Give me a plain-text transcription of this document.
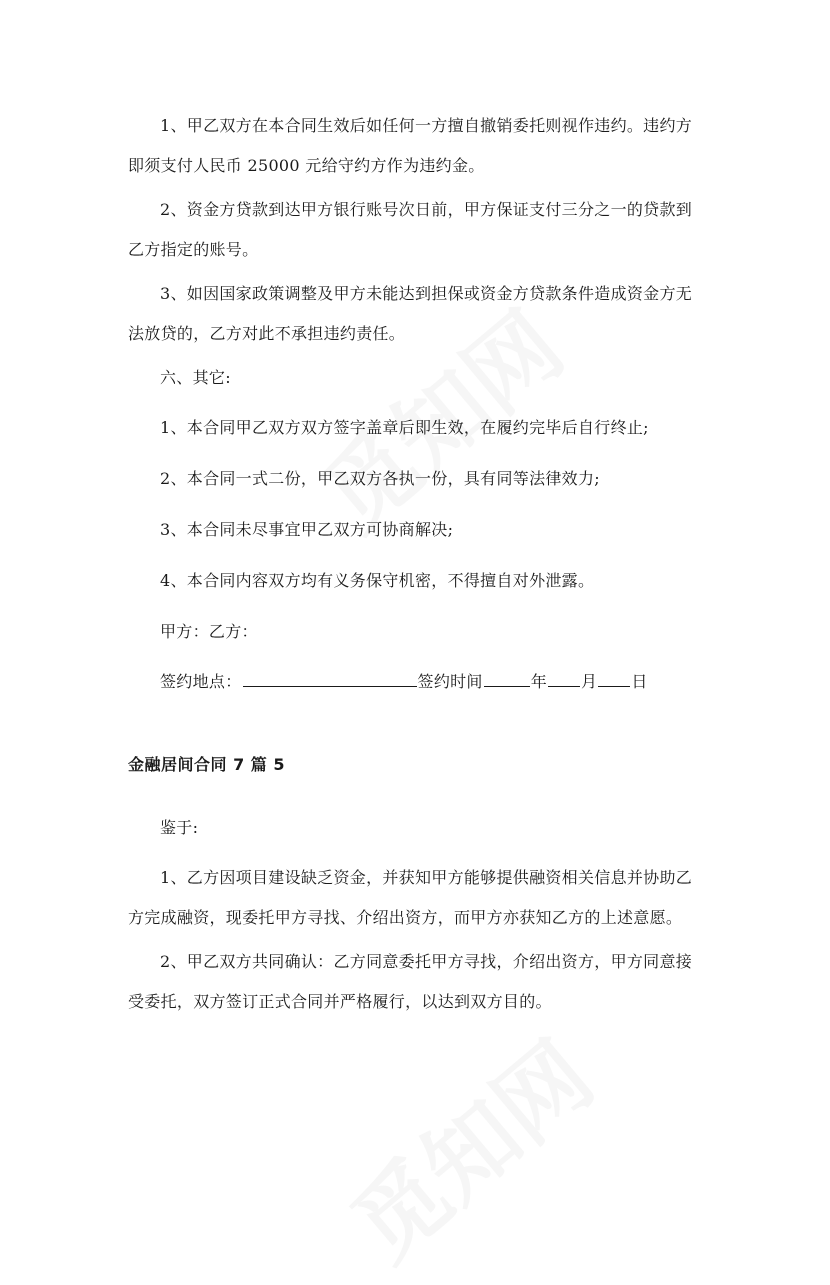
1、甲乙双方在本合同生效后如任何一方擅自撤销委托则视作违约。违约方
即须支付人民币 25000 元给守约方作为违约金。
2、资金方贷款到达甲方银行账号次日前，甲方保证支付三分之一的贷款到
乙方指定的账号。
3、如因国家政策调整及甲方未能达到担保或资金方贷款条件造成资金方无
法放贷的，乙方对此不承担违约责任。
六、其它:
1、本合同甲乙双方双方签字盖章后即生效，在履约完毕后自行终止;
2、本合同一式二份，甲乙双方各执一份，具有同等法律效力;
3、本合同未尽事宜甲乙双方可协商解决;
4、本合同内容双方均有义务保守机密，不得擅自对外泄露。
甲方：乙方：
签约地点：	签约时间	年 月 日
金融居间合同 7 篇 5
鉴于:
1、乙方因项目建设缺乏资金，并获知甲方能够提供融资相关信息并协助乙
方完成融资，现委托甲方寻找、介绍出资方，而甲方亦获知乙方的上述意愿。
2、甲乙双方共同确认：乙方同意委托甲方寻找，介绍出资方，甲方同意接
受委托，双方签订正式合同并严格履行，以达到双方目的。
